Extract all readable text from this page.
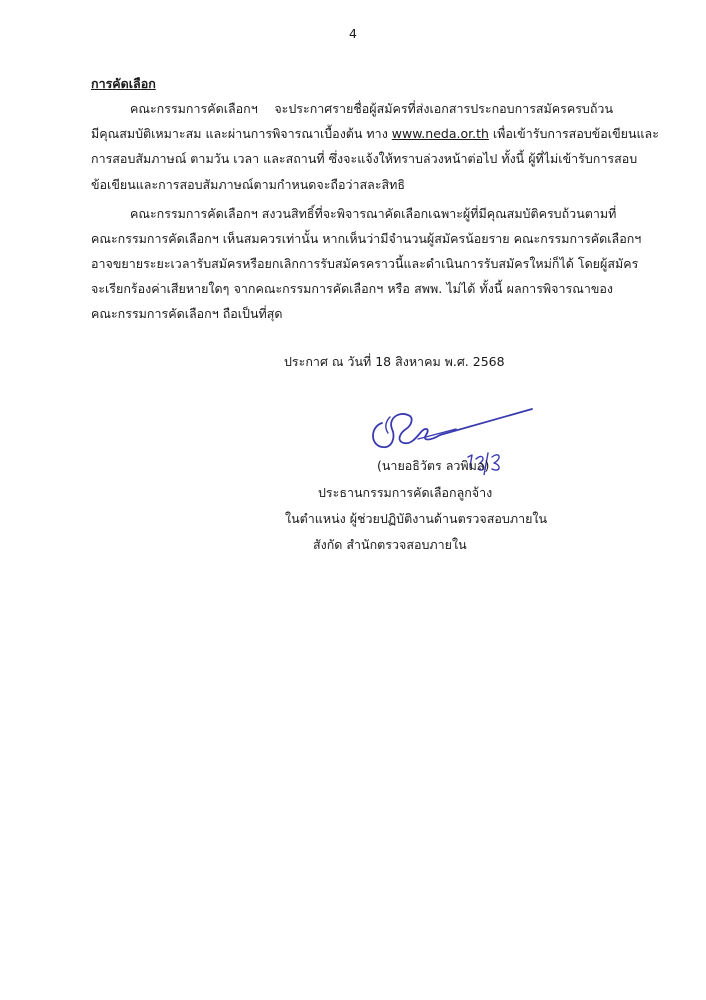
4
การคัดเลือก
คณะกรรมการคัดเลือกฯ จะประกาศรายชื่อผู้สมัครที่ส่งเอกสารประกอบการสมัครครบถ้วน
มีคุณสมบัติเหมาะสม และผ่านการพิจารณาเบื้องต้น ทาง www.neda.or.th เพื่อเข้ารับการสอบข้อเขียนและ
การสอบสัมภาษณ์ ตามวัน เวลา และสถานที่ ซึ่งจะแจ้งให้ทราบล่วงหน้าต่อไป ทั้งนี้ ผู้ที่ไม่เข้ารับการสอบ
ข้อเขียนและการสอบสัมภาษณ์ตามกำหนดจะถือว่าสละสิทธิ
คณะกรรมการคัดเลือกฯ สงวนสิทธิ์ที่จะพิจารณาคัดเลือกเฉพาะผู้ที่มีคุณสมบัติครบถ้วนตามที่
คณะกรรมการคัดเลือกฯ เห็นสมควรเท่านั้น หากเห็นว่ามีจำนวนผู้สมัครน้อยราย คณะกรรมการคัดเลือกฯ
อาจขยายระยะเวลารับสมัครหรือยกเลิกการรับสมัครคราวนี้และดำเนินการรับสมัครใหม่ก็ได้ โดยผู้สมัคร
จะเรียกร้องค่าเสียหายใดๆ จากคณะกรรมการคัดเลือกฯ หรือ สพพ. ไม่ได้ ทั้งนี้ ผลการพิจารณาของ
คณะกรรมการคัดเลือกฯ ถือเป็นที่สุด
ประกาศ ณ วันที่ 18 สิงหาคม พ.ศ. 2568
(นายอธิวัตร ลวพิมล)
ประธานกรรมการคัดเลือกลูกจ้าง
ในตำแหน่ง ผู้ช่วยปฏิบัติงานด้านตรวจสอบภายใน
สังกัด สำนักตรวจสอบภายใน
